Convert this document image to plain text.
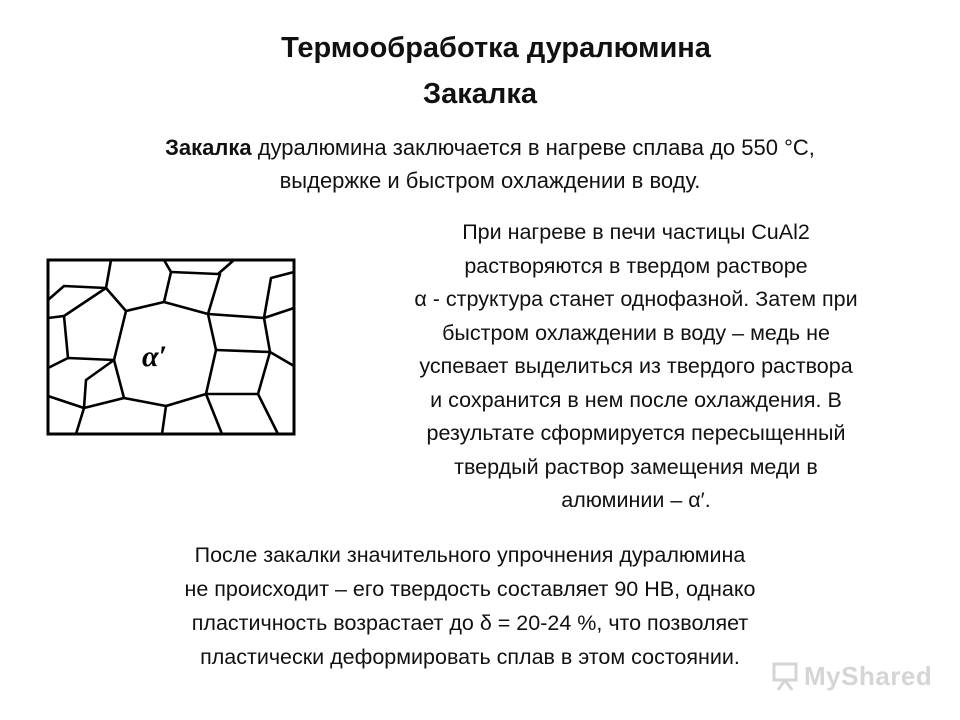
Термообработка дуралюмина
Закалка
Закалка дуралюмина заключается в нагреве сплава до 550 °С,
выдержке и быстром охлаждении в воду.
α′
При нагреве в печи частицы CuAl2
растворяются в твердом растворе
α - структура станет однофазной. Затем при
быстром охлаждении в воду – медь не
успевает выделиться из твердого раствора
и сохранится в нем после охлаждения. В
результате сформируется пересыщенный
твердый раствор замещения меди в
алюминии – α′.
После закалки значительного упрочнения дуралюмина
не происходит – его твердость составляет 90 НВ, однако
пластичность возрастает до δ = 20-24 %, что позволяет
пластически деформировать сплав в этом состоянии.
MyShared
